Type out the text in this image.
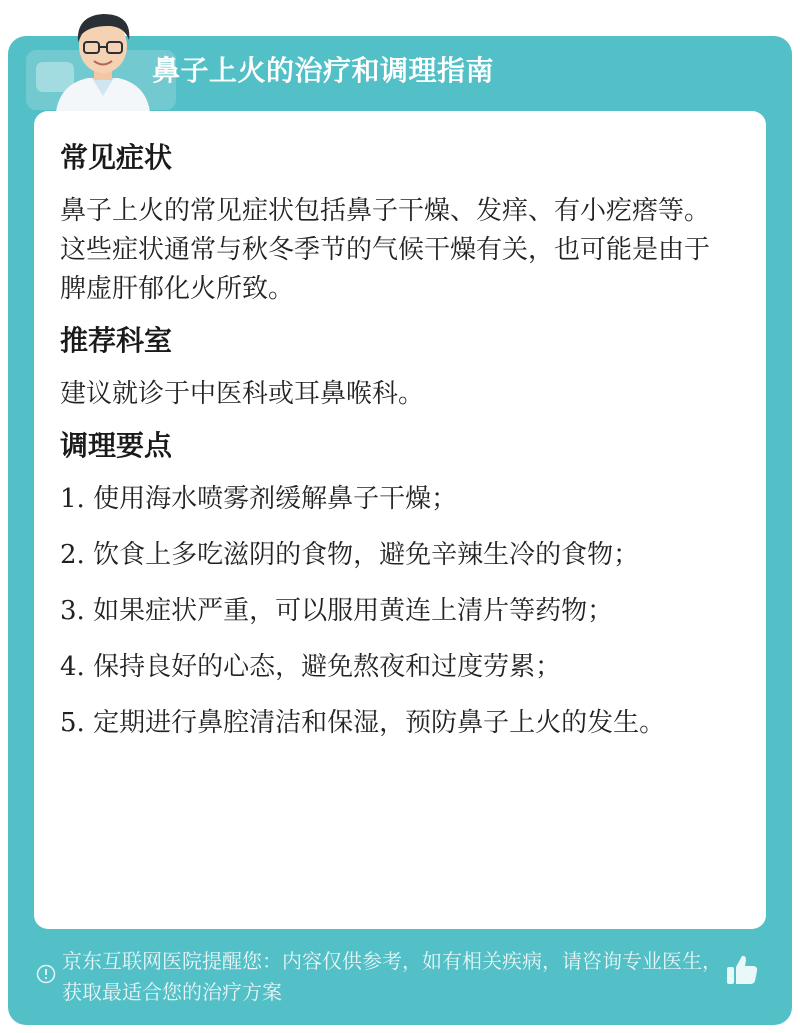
鼻子上火的治疗和调理指南
常见症状

鼻子上火的常见症状包括鼻子干燥、发痒、有小疙瘩等。这些症状通常与秋冬季节的气候干燥有关，也可能是由于脾虚肝郁化火所致。

推荐科室

建议就诊于中医科或耳鼻喉科。

调理要点
1. 使用海水喷雾剂缓解鼻子干燥；
2. 饮食上多吃滋阴的食物，避免辛辣生冷的食物；
3. 如果症状严重，可以服用黄连上清片等药物；
4. 保持良好的心态，避免熬夜和过度劳累；
5. 定期进行鼻腔清洁和保湿，预防鼻子上火的发生。
京东互联网医院提醒您：内容仅供参考，如有相关疾病，请咨询专业医生，获取最适合您的治疗方案
